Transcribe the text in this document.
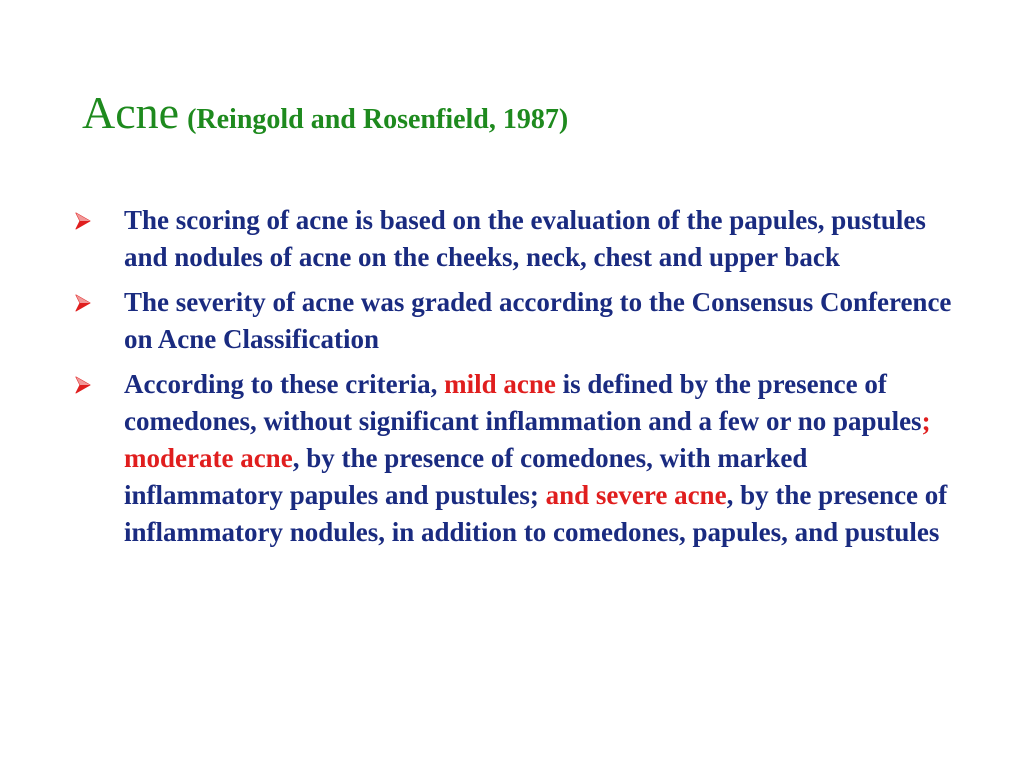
Acne (Reingold and Rosenfield, 1987)
The scoring of acne is based on the evaluation of the papules, pustules and nodules of acne on the cheeks, neck, chest and upper back
The severity of acne was graded according to the Consensus Conference on Acne Classification
According to these criteria, mild acne is defined by the presence of comedones, without significant inflammation and a few or no papules; moderate acne, by the presence of comedones, with marked inflammatory papules and pustules; and severe acne, by the presence of inflammatory nodules, in addition to comedones, papules, and pustules
